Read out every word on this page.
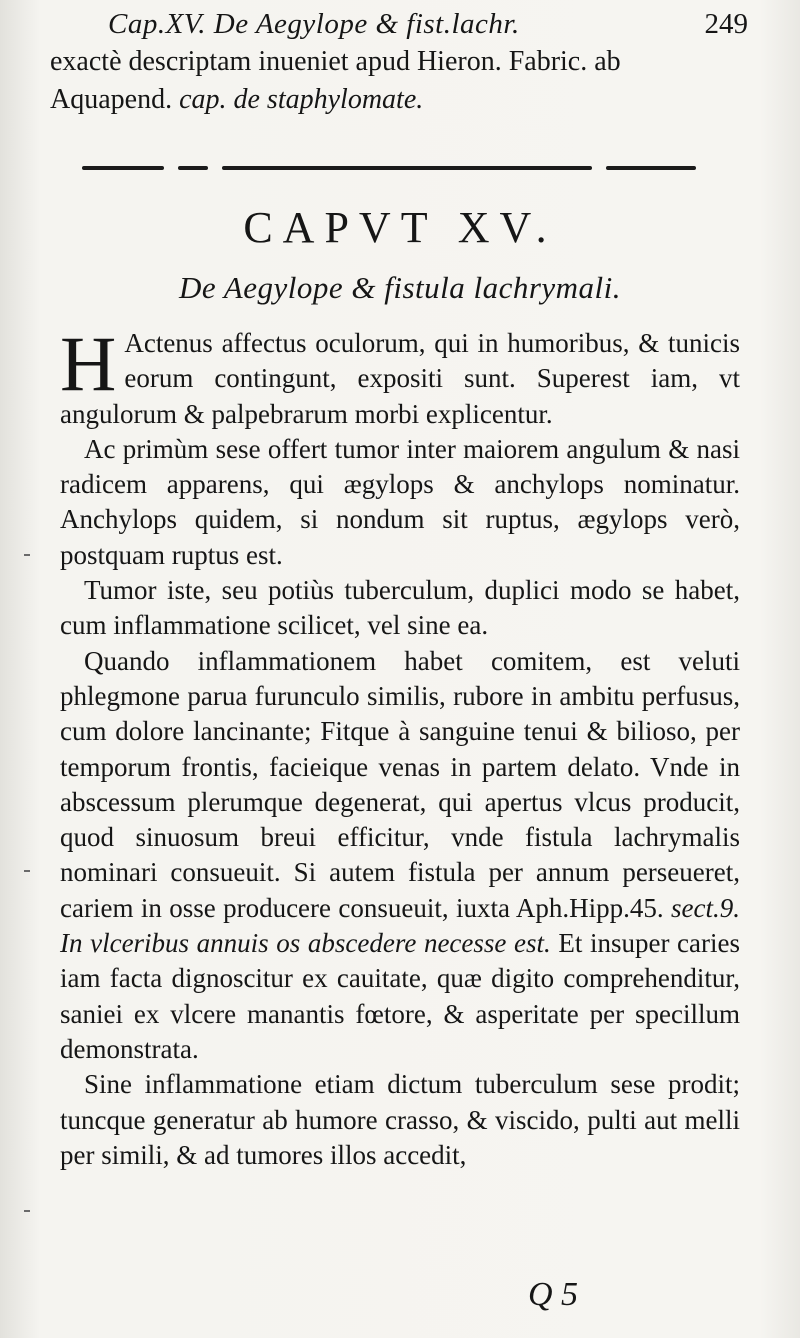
Cap.XV. De Aegylope & fist.lachr.	249
exactè descriptam inueniet apud Hieron. Fabric. ab
Aquapend. cap. de staphylomate.
CAPVT XV.
De Aegylope & fistula lachrymali.

H Actenus affectus oculorum, qui in humoribus, & tunicis eorum contingunt, expositi sunt. Superest iam, vt angulorum & palpebrarum morbi explicentur.

Ac primùm sese offert tumor inter maiorem angulum & nasi radicem apparens, qui ægylops & anchylops nominatur. Anchylops quidem, si nondum sit ruptus, ægylops verò, postquam ruptus est.

Tumor iste, seu potiùs tuberculum, duplici modo se habet, cum inflammatione scilicet, vel sine ea.

Quando inflammationem habet comitem, est veluti phlegmone parua furunculo similis, rubore in ambitu perfusus, cum dolore lancinante; Fitque à sanguine tenui & bilioso, per temporum frontis, facieique venas in partem delato. Vnde in abscessum plerumque degenerat, qui apertus vlcus producit, quod sinuosum breui efficitur, vnde fistula lachrymalis nominari consueuit. Si autem fistula per annum perseueret, cariem in osse producere consueuit, iuxta Aph.Hipp.45. sect.9. In vlceribus annuis os abscedere necesse est. Et insuper caries iam facta dignoscitur ex cauitate, quæ digito comprehenditur, saniei ex vlcere manantis fœtore, & asperitate per specillum demonstrata.

Sine inflammatione etiam dictum tuberculum sese prodit; tuncque generatur ab humore crasso, & viscido, pulti aut melli per simili, & ad tumores illos accedit,

Q 5
